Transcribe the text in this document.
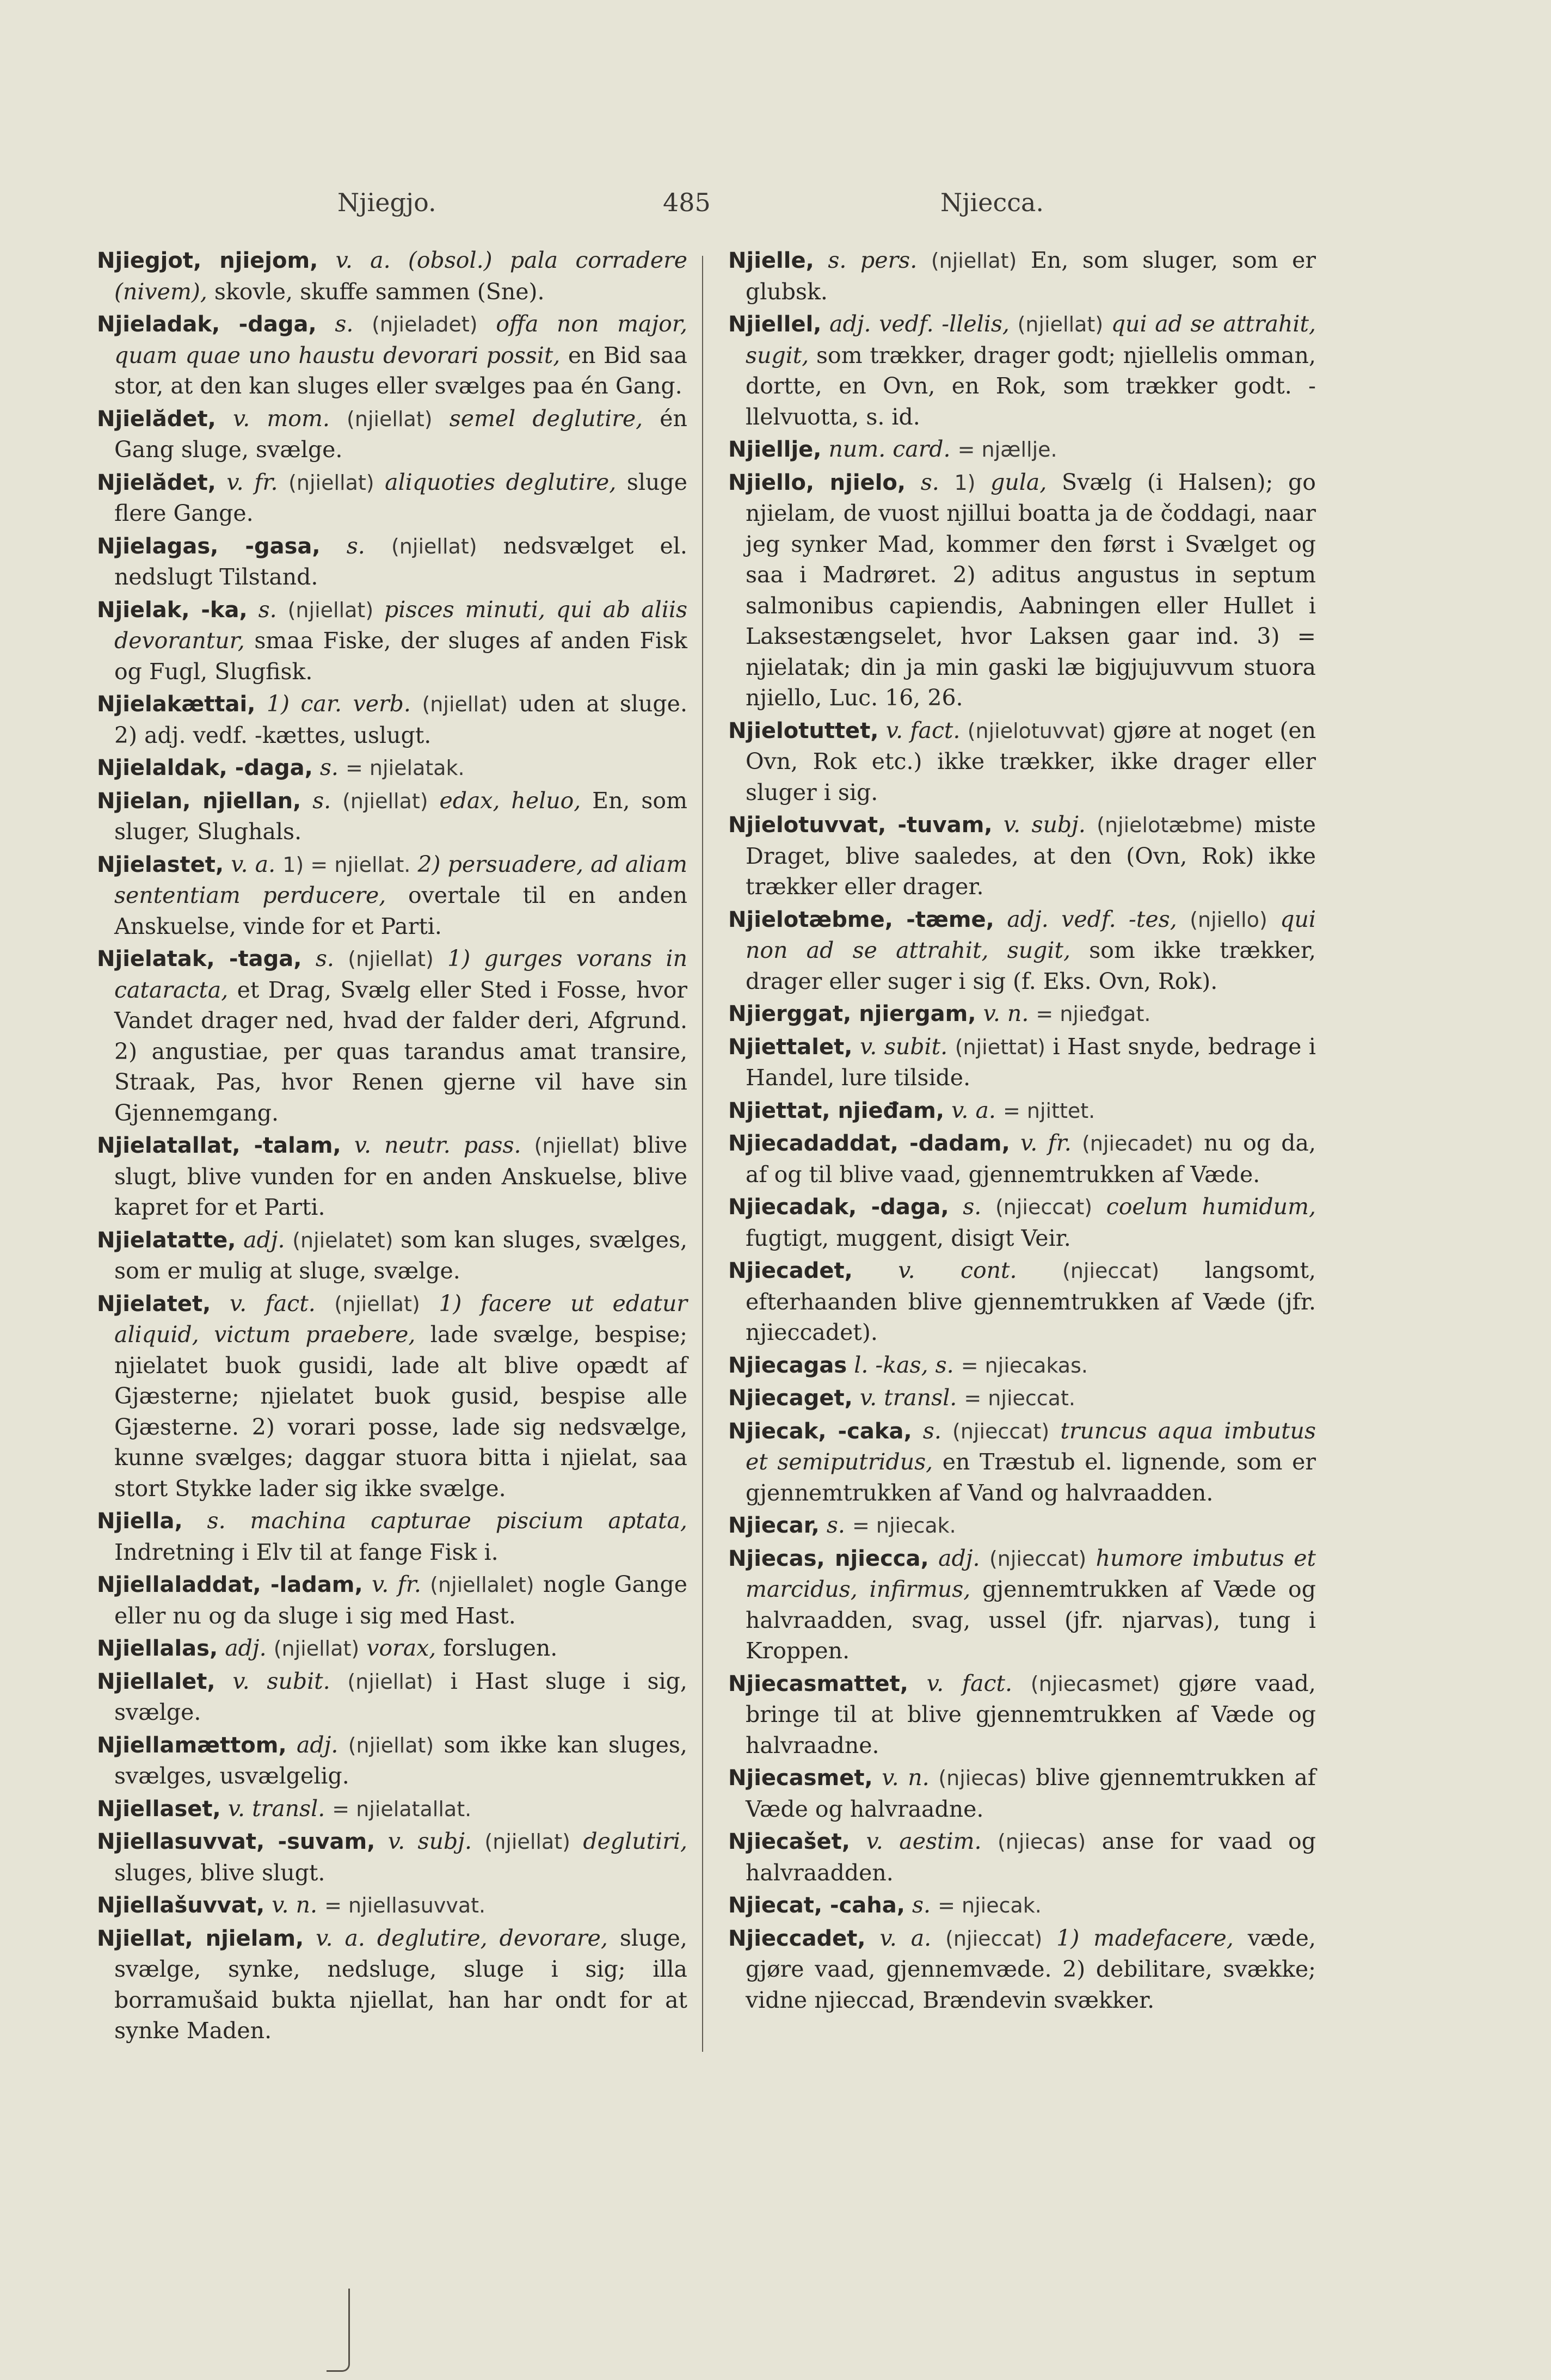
Njiegjo.	485	Njiecca.

Njiegjot, njiejom, v. a. (obsol.) pala corradere (nivem), skovle, skuffe sammen (Sne).

Njieladak, -daga, s. (njieladet) offa non major, quam quae uno haustu devorari possit, en Bid saa stor, at den kan sluges eller svælges paa én Gang.

Njielădet, v. mom. (njiellat) semel deglutire, én Gang sluge, svælge.

Njielădet, v. fr. (njiellat) aliquoties deglutire, sluge flere Gange.

Njielagas, -gasa, s. (njiellat) nedsvælget el. nedslugt Tilstand.

Njielak, -ka, s. (njiellat) pisces minuti, qui ab aliis devorantur, smaa Fiske, der sluges af anden Fisk og Fugl, Slugfisk.

Njielakættai, 1) car. verb. (njiellat) uden at sluge. 2) adj. vedf. -kættes, uslugt.

Njielaldak, -daga, s. = njielatak.

Njielan, njiellan, s. (njiellat) edax, heluo, En, som sluger, Slughals.

Njielastet, v. a. 1) = njiellat. 2) persuadere, ad aliam sententiam perducere, overtale til en anden Anskuelse, vinde for et Parti.

Njielatak, -taga, s. (njiellat) 1) gurges vorans in cataracta, et Drag, Svælg eller Sted i Fosse, hvor Vandet drager ned, hvad der falder deri, Afgrund. 2) angustiae, per quas tarandus amat transire, Straak, Pas, hvor Renen gjerne vil have sin Gjennemgang.

Njielatallat, -talam, v. neutr. pass. (njiellat) blive slugt, blive vunden for en anden Anskuelse, blive kapret for et Parti.

Njielatatte, adj. (njielatet) som kan sluges, svælges, som er mulig at sluge, svælge.

Njielatet, v. fact. (njiellat) 1) facere ut edatur aliquid, victum praebere, lade svælge, bespise; njielatet buok gusidi, lade alt blive opædt af Gjæsterne; njielatet buok gusid, bespise alle Gjæsterne. 2) vorari posse, lade sig nedsvælge, kunne svælges; daggar stuora bitta i njielat, saa stort Stykke lader sig ikke svælge.

Njiella, s. machina capturae piscium aptata, Indretning i Elv til at fange Fisk i.

Njiellaladdat, -ladam, v. fr. (njiellalet) nogle Gange eller nu og da sluge i sig med Hast.

Njiellalas, adj. (njiellat) vorax, forslugen.

Njiellalet, v. subit. (njiellat) i Hast sluge i sig, svælge.

Njiellamættom, adj. (njiellat) som ikke kan sluges, svælges, usvælgelig.

Njiellaset, v. transl. = njielatallat.

Njiellasuvvat, -suvam, v. subj. (njiellat) deglutiri, sluges, blive slugt.

Njiellašuvvat, v. n. = njiellasuvvat.

Njiellat, njielam, v. a. deglutire, devorare, sluge, svælge, synke, nedsluge, sluge i sig; illa borramušaid bukta njiellat, han har ondt for at synke Maden.

Njielle, s. pers. (njiellat) En, som sluger, som er glubsk.

Njiellel, adj. vedf. -llelis, (njiellat) qui ad se attrahit, sugit, som trækker, drager godt; njiellelis omman, dortte, en Ovn, en Rok, som trækker godt. -llelvuotta, s. id.

Njiellje, num. card. = njællje.

Njiello, njielo, s. 1) gula, Svælg (i Halsen); go njielam, de vuost njillui boatta ja de čoddagi, naar jeg synker Mad, kommer den først i Svælget og saa i Madrøret. 2) aditus angustus in septum salmonibus capiendis, Aabningen eller Hullet i Laksestængselet, hvor Laksen gaar ind. 3) = njielatak; din ja min gaski læ bigjujuvvum stuora njiello, Luc. 16, 26.

Njielotuttet, v. fact. (njielotuvvat) gjøre at noget (en Ovn, Rok etc.) ikke trækker, ikke drager eller sluger i sig.

Njielotuvvat, -tuvam, v. subj. (njielotæbme) miste Draget, blive saaledes, at den (Ovn, Rok) ikke trækker eller drager.

Njielotæbme, -tæme, adj. vedf. -tes, (njiello) qui non ad se attrahit, sugit, som ikke trækker, drager eller suger i sig (f. Eks. Ovn, Rok).

Njierggat, njiergam, v. n. = njieđgat.

Njiettalet, v. subit. (njiettat) i Hast snyde, bedrage i Handel, lure tilside.

Njiettat, njieđam, v. a. = njittet.

Njiecadaddat, -dadam, v. fr. (njiecadet) nu og da, af og til blive vaad, gjennemtrukken af Væde.

Njiecadak, -daga, s. (njieccat) coelum humidum, fugtigt, muggent, disigt Veir.

Njiecadet, v. cont. (njieccat) langsomt, efterhaanden blive gjennemtrukken af Væde (jfr. njieccadet).

Njiecagas l. -kas, s. = njiecakas.

Njiecaget, v. transl. = njieccat.

Njiecak, -caka, s. (njieccat) truncus aqua imbutus et semiputridus, en Træstub el. lignende, som er gjennemtrukken af Vand og halvraadden.

Njiecar, s. = njiecak.

Njiecas, njiecca, adj. (njieccat) humore imbutus et marcidus, infirmus, gjennemtrukken af Væde og halvraadden, svag, ussel (jfr. njarvas), tung i Kroppen.

Njiecasmattet, v. fact. (njiecasmet) gjøre vaad, bringe til at blive gjennemtrukken af Væde og halvraadne.

Njiecasmet, v. n. (njiecas) blive gjennemtrukken af Væde og halvraadne.

Njiecašet, v. aestim. (njiecas) anse for vaad og halvraadden.

Njiecat, -caha, s. = njiecak.

Njieccadet, v. a. (njieccat) 1) madefacere, væde, gjøre vaad, gjennemvæde. 2) debilitare, svække; vidne njieccad, Brændevin svækker.
